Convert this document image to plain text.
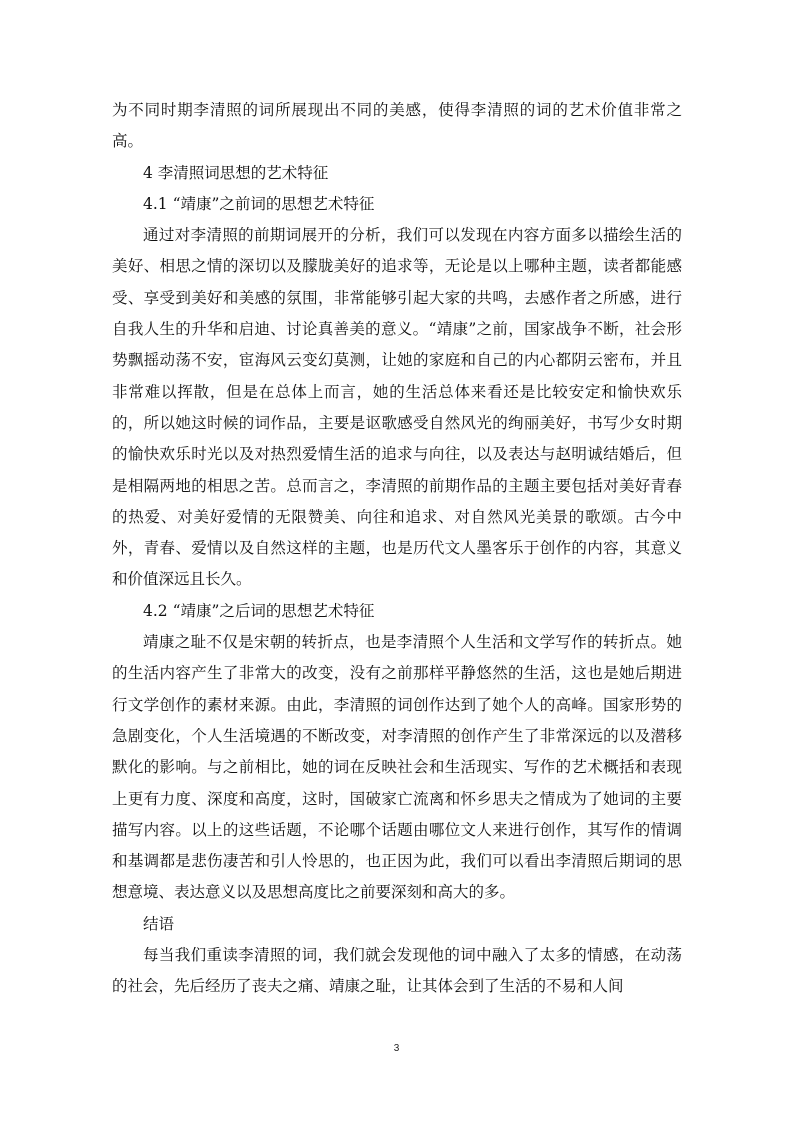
为不同时期李清照的词所展现出不同的美感，使得李清照的词的艺术价值非常之高。

4 李清照词思想的艺术特征

4.1 “靖康”之前词的思想艺术特征

通过对李清照的前期词展开的分析，我们可以发现在内容方面多以描绘生活的美好、相思之情的深切以及朦胧美好的追求等，无论是以上哪种主题，读者都能感受、享受到美好和美感的氛围，非常能够引起大家的共鸣，去感作者之所感，进行自我人生的升华和启迪、讨论真善美的意义。“靖康”之前，国家战争不断，社会形势飘摇动荡不安，宦海风云变幻莫测，让她的家庭和自己的内心都阴云密布，并且非常难以挥散，但是在总体上而言，她的生活总体来看还是比较安定和愉快欢乐的，所以她这时候的词作品，主要是讴歌感受自然风光的绚丽美好，书写少女时期的愉快欢乐时光以及对热烈爱情生活的追求与向往，以及表达与赵明诚结婚后，但是相隔两地的相思之苦。总而言之，李清照的前期作品的主题主要包括对美好青春的热爱、对美好爱情的无限赞美、向往和追求、对自然风光美景的歌颂。古今中外，青春、爱情以及自然这样的主题，也是历代文人墨客乐于创作的内容，其意义和价值深远且长久。

4.2 “靖康”之后词的思想艺术特征

靖康之耻不仅是宋朝的转折点，也是李清照个人生活和文学写作的转折点。她的生活内容产生了非常大的改变，没有之前那样平静悠然的生活，这也是她后期进行文学创作的素材来源。由此，李清照的词创作达到了她个人的高峰。国家形势的急剧变化，个人生活境遇的不断改变，对李清照的创作产生了非常深远的以及潜移默化的影响。与之前相比，她的词在反映社会和生活现实、写作的艺术概括和表现上更有力度、深度和高度，这时，国破家亡流离和怀乡思夫之情成为了她词的主要描写内容。以上的这些话题，不论哪个话题由哪位文人来进行创作，其写作的情调和基调都是悲伤凄苦和引人怜思的，也正因为此，我们可以看出李清照后期词的思想意境、表达意义以及思想高度比之前要深刻和高大的多。

结语

每当我们重读李清照的词，我们就会发现他的词中融入了太多的情感，在动荡的社会，先后经历了丧夫之痛、靖康之耻，让其体会到了生活的不易和人间

3
